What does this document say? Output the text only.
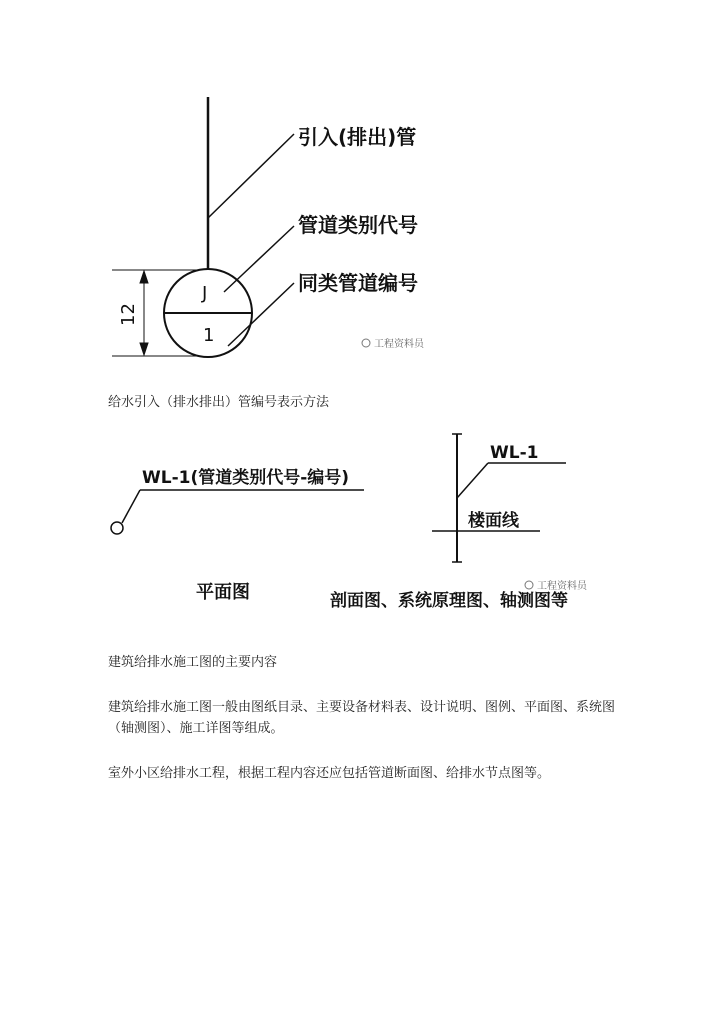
引入(排出)管
管道类别代号
同类管道编号
J
1
12
工程资料员
WL-1(管道类别代号-编号)
平面图
WL-1
楼面线
剖面图、系统原理图、轴测图等
工程资料员
给水引入（排水排出）管编号表示方法
建筑给排水施工图的主要内容
建筑给排水施工图一般由图纸目录、主要设备材料表、设计说明、图例、平面图、系统图（轴测图）、施工详图等组成。
室外小区给排水工程，根据工程内容还应包括管道断面图、给排水节点图等。
